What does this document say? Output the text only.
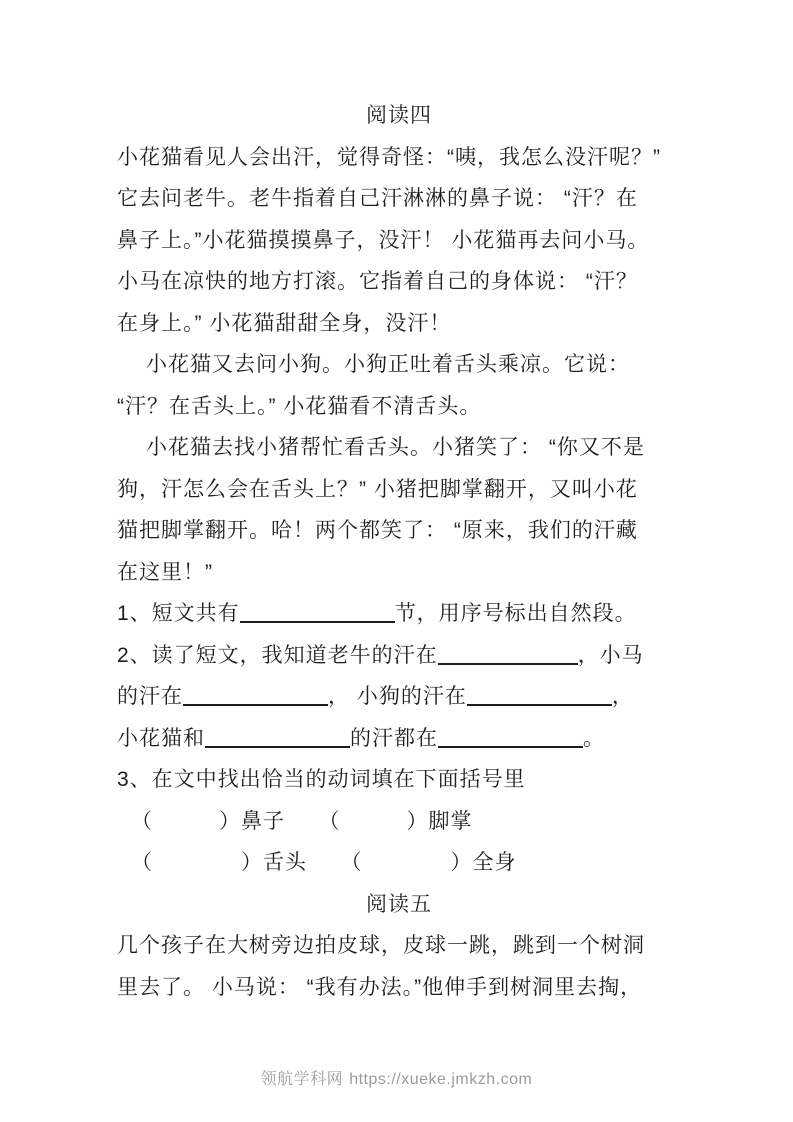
阅读四
小花猫看见人会出汗，觉得奇怪：“咦，我怎么没汗呢？”
它去问老牛。老牛指着自己汗淋淋的鼻子说： “汗？在
鼻子上。”小花猫摸摸鼻子，没汗！ 小花猫再去问小马。
小马在凉快的地方打滚。它指着自己的身体说： “汗？
在身上。” 小花猫甜甜全身，没汗！
小花猫又去问小狗。小狗正吐着舌头乘凉。它说：
“汗？在舌头上。” 小花猫看不清舌头。
小花猫去找小猪帮忙看舌头。小猪笑了： “你又不是
狗，汗怎么会在舌头上？” 小猪把脚掌翻开，又叫小花
猫把脚掌翻开。哈！两个都笑了： “原来，我们的汗藏
在这里！”
1、短文共有	节，用序号标出自然段。
2、读了短文，我知道老牛的汗在	，小马
的汗在	， 小狗的汗在	，
小花猫和	的汗都在	。
3、在文中找出恰当的动词填在下面括号里
（　　　）鼻子　　（　　　）脚掌
（　　　　）舌头　　（　　　　）全身
阅读五
几个孩子在大树旁边拍皮球，皮球一跳，跳到一个树洞
里去了。 小马说： “我有办法。”他伸手到树洞里去掏，
领航学科网 https://xueke.jmkzh.com
